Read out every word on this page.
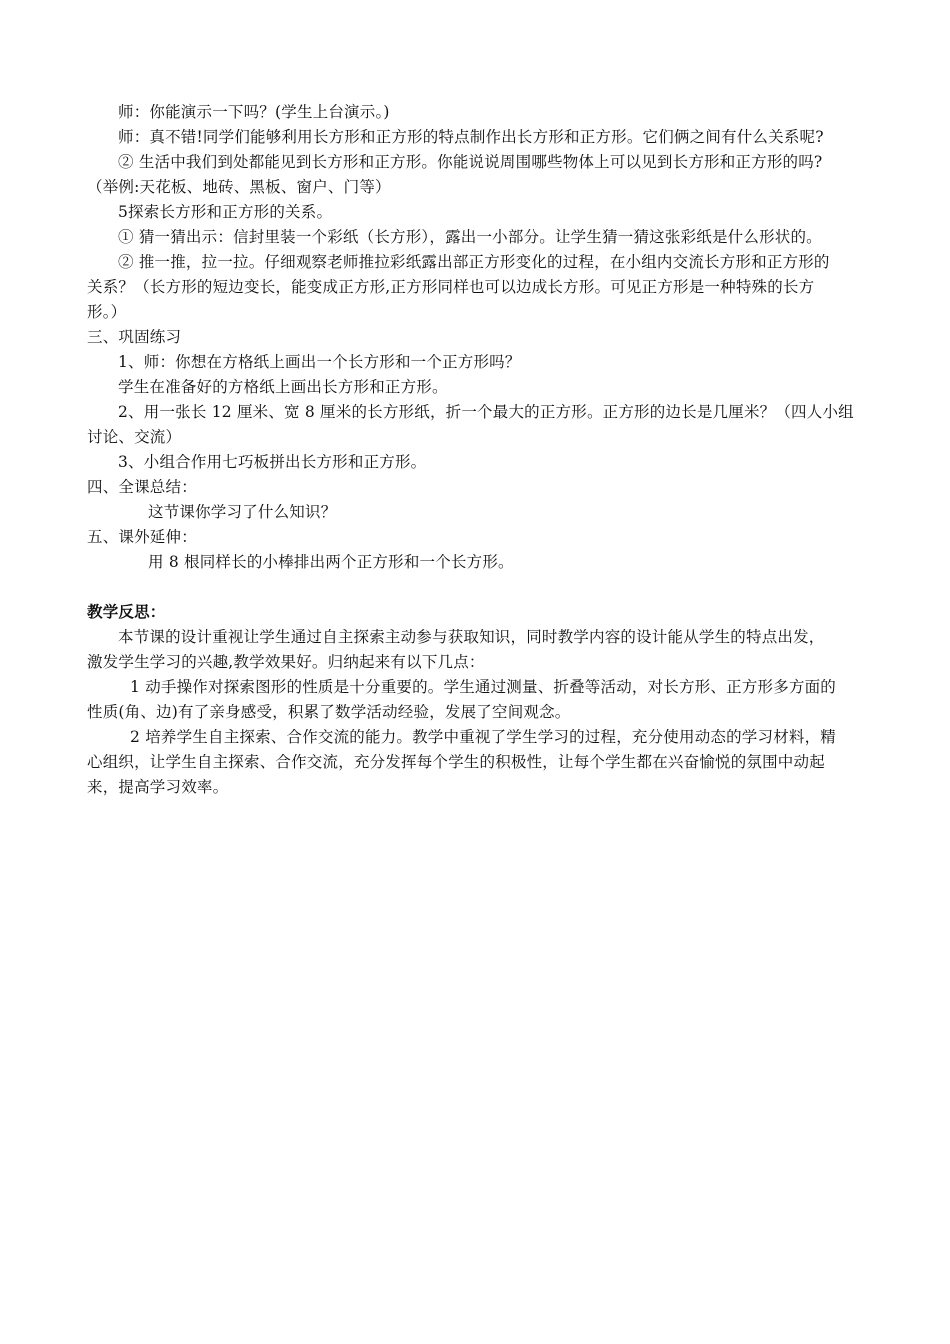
师：你能演示一下吗？(学生上台演示。)
师：真不错!同学们能够利用长方形和正方形的特点制作出长方形和正方形。它们俩之间有什么关系呢?
② 生活中我们到处都能见到长方形和正方形。你能说说周围哪些物体上可以见到长方形和正方形的吗?
（举例:天花板、地砖、黑板、窗户、门等）
5探索长方形和正方形的关系。
① 猜一猜出示：信封里装一个彩纸（长方形），露出一小部分。让学生猜一猜这张彩纸是什么形状的。
② 推一推，拉一拉。仔细观察老师推拉彩纸露出部正方形变化的过程，在小组内交流长方形和正方形的
关系？（长方形的短边变长，能变成正方形,正方形同样也可以边成长方形。可见正方形是一种特殊的长方
形。）
三、巩固练习
1、师：你想在方格纸上画出一个长方形和一个正方形吗？
学生在准备好的方格纸上画出长方形和正方形。
2、用一张长 12 厘米、宽 8 厘米的长方形纸，折一个最大的正方形。正方形的边长是几厘米？（四人小组
讨论、交流）
3、小组合作用七巧板拼出长方形和正方形。
四、全课总结：
这节课你学习了什么知识？
五、课外延伸：
用 8 根同样长的小棒排出两个正方形和一个长方形。
教学反思：
本节课的设计重视让学生通过自主探索主动参与获取知识，同时教学内容的设计能从学生的特点出发，
激发学生学习的兴趣,教学效果好。归纳起来有以下几点：
1 动手操作对探索图形的性质是十分重要的。学生通过测量、折叠等活动，对长方形、正方形多方面的
性质(角、边)有了亲身感受，积累了数学活动经验，发展了空间观念。
2 培养学生自主探索、合作交流的能力。教学中重视了学生学习的过程，充分使用动态的学习材料，精
心组织，让学生自主探索、合作交流，充分发挥每个学生的积极性，让每个学生都在兴奋愉悦的氛围中动起
来，提高学习效率。
